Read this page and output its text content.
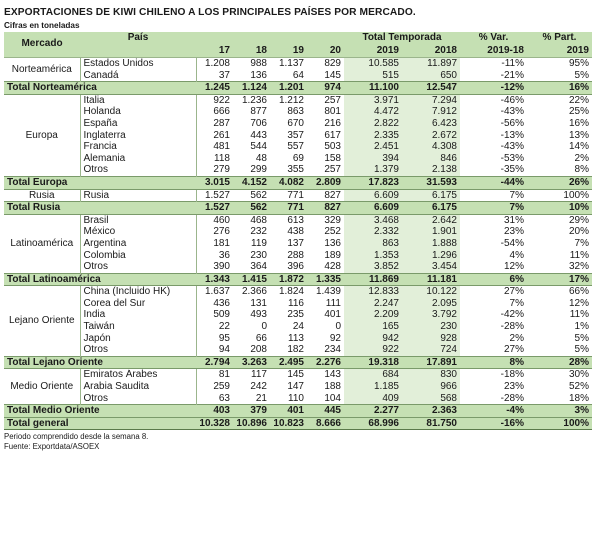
EXPORTACIONES DE KIWI CHILENO A LOS PRINCIPALES PAÍSES POR MERCADO.
Cifras en toneladas
Mercado	País					Total Temporada		% Var.	% Part.
		17	18	19	20	2019	2018	2019-18	2019
Norteamérica	Estados Unidos	1.208	988	1.137	829	10.585	11.897	-11%	95%
	Canadá	37	136	64	145	515	650	-21%	5%
Total Norteamérica		1.245	1.124	1.201	974	11.100	12.547	-12%	16%
Europa	Italia	922	1.236	1.212	257	3.971	7.294	-46%	22%
	Holanda	666	877	863	801	4.472	7.912	-43%	25%
	España	287	706	670	216	2.822	6.423	-56%	16%
	Inglaterra	261	443	357	617	2.335	2.672	-13%	13%
	Francia	481	544	557	503	2.451	4.308	-43%	14%
	Alemania	118	48	69	158	394	846	-53%	2%
	Otros	279	299	355	257	1.379	2.138	-35%	8%
Total Europa		3.015	4.152	4.082	2.809	17.823	31.593	-44%	26%
Rusia	Rusia	1.527	562	771	827	6.609	6.175	7%	100%
Total Rusia		1.527	562	771	827	6.609	6.175	7%	10%
Latinoamérica	Brasil	460	468	613	329	3.468	2.642	31%	29%
	México	276	232	438	252	2.332	1.901	23%	20%
	Argentina	181	119	137	136	863	1.888	-54%	7%
	Colombia	36	230	288	189	1.353	1.296	4%	11%
	Otros	390	364	396	428	3.852	3.454	12%	32%
Total Latinoamérica		1.343	1.415	1.872	1.335	11.869	11.181	6%	17%
Lejano Oriente	China (Incluido HK)	1.637	2.366	1.824	1.439	12.833	10.122	27%	66%
	Corea del Sur	436	131	116	111	2.247	2.095	7%	12%
	India	509	493	235	401	2.209	3.792	-42%	11%
	Taiwán	22	0	24	0	165	230	-28%	1%
	Japón	95	66	113	92	942	928	2%	5%
	Otros	94	208	182	234	922	724	27%	5%
Total Lejano Oriente		2.794	3.263	2.495	2.276	19.318	17.891	8%	28%
Medio Oriente	Emiratos Árabes	81	117	145	143	684	830	-18%	30%
	Arabia Saudita	259	242	147	188	1.185	966	23%	52%
	Otros	63	21	110	104	409	568	-28%	18%
Total Medio Oriente		403	379	401	445	2.277	2.363	-4%	3%
Total general		10.328	10.896	10.823	8.666	68.996	81.750	-16%	100%
Periodo comprendido desde la semana 8.
Fuente: Exportdata/ASOEX
